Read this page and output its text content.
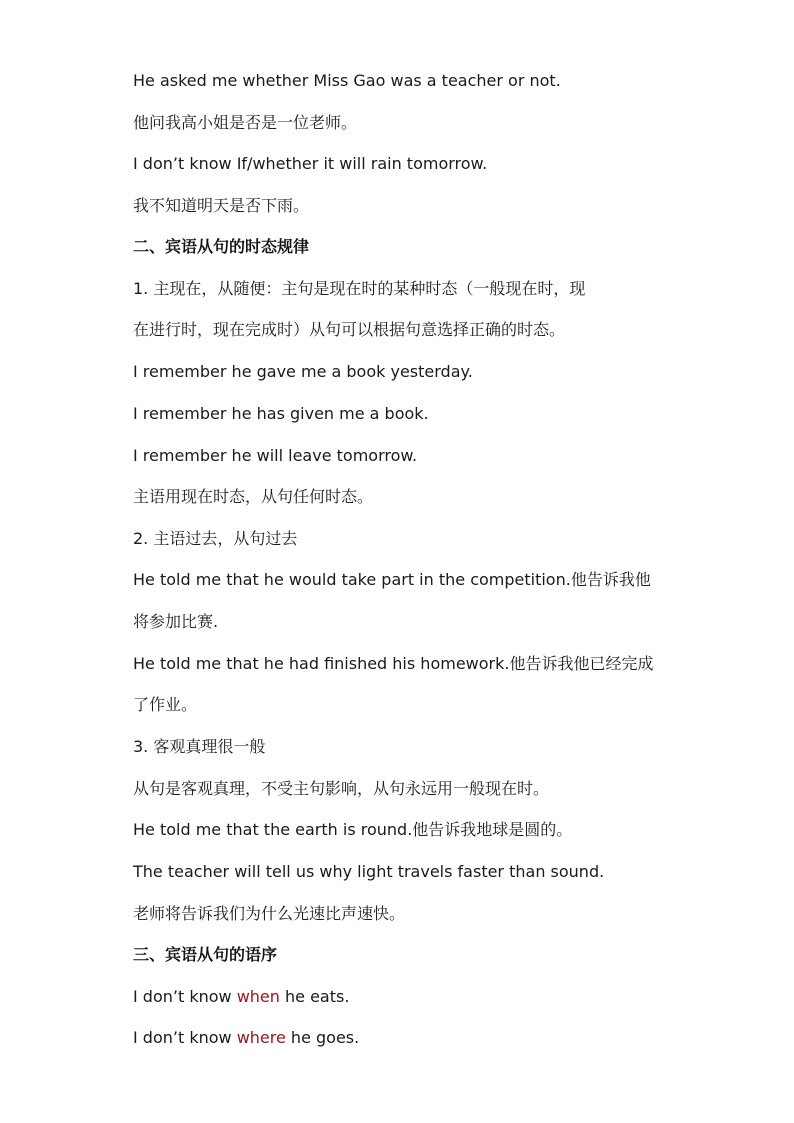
He asked me whether Miss Gao was a teacher or not.
他问我高小姐是否是一位老师。
I don’t know If/whether it will rain tomorrow.
我不知道明天是否下雨。
二、宾语从句的时态规律
1. 主现在，从随便：主句是现在时的某种时态（一般现在时，现
在进行时，现在完成时）从句可以根据句意选择正确的时态。
I remember he gave me a book yesterday.
I remember he has given me a book.
I remember he will leave tomorrow.
主语用现在时态，从句任何时态。
2. 主语过去，从句过去
He told me that he would take part in the competition.他告诉我他
将参加比赛.
He told me that he had finished his homework.他告诉我他已经完成
了作业。
3. 客观真理很一般
从句是客观真理，不受主句影响，从句永远用一般现在时。
He told me that the earth is round.他告诉我地球是圆的。
The teacher will tell us why light travels faster than sound.
老师将告诉我们为什么光速比声速快。
三、宾语从句的语序
I don’t know when he eats.
I don’t know where he goes.
